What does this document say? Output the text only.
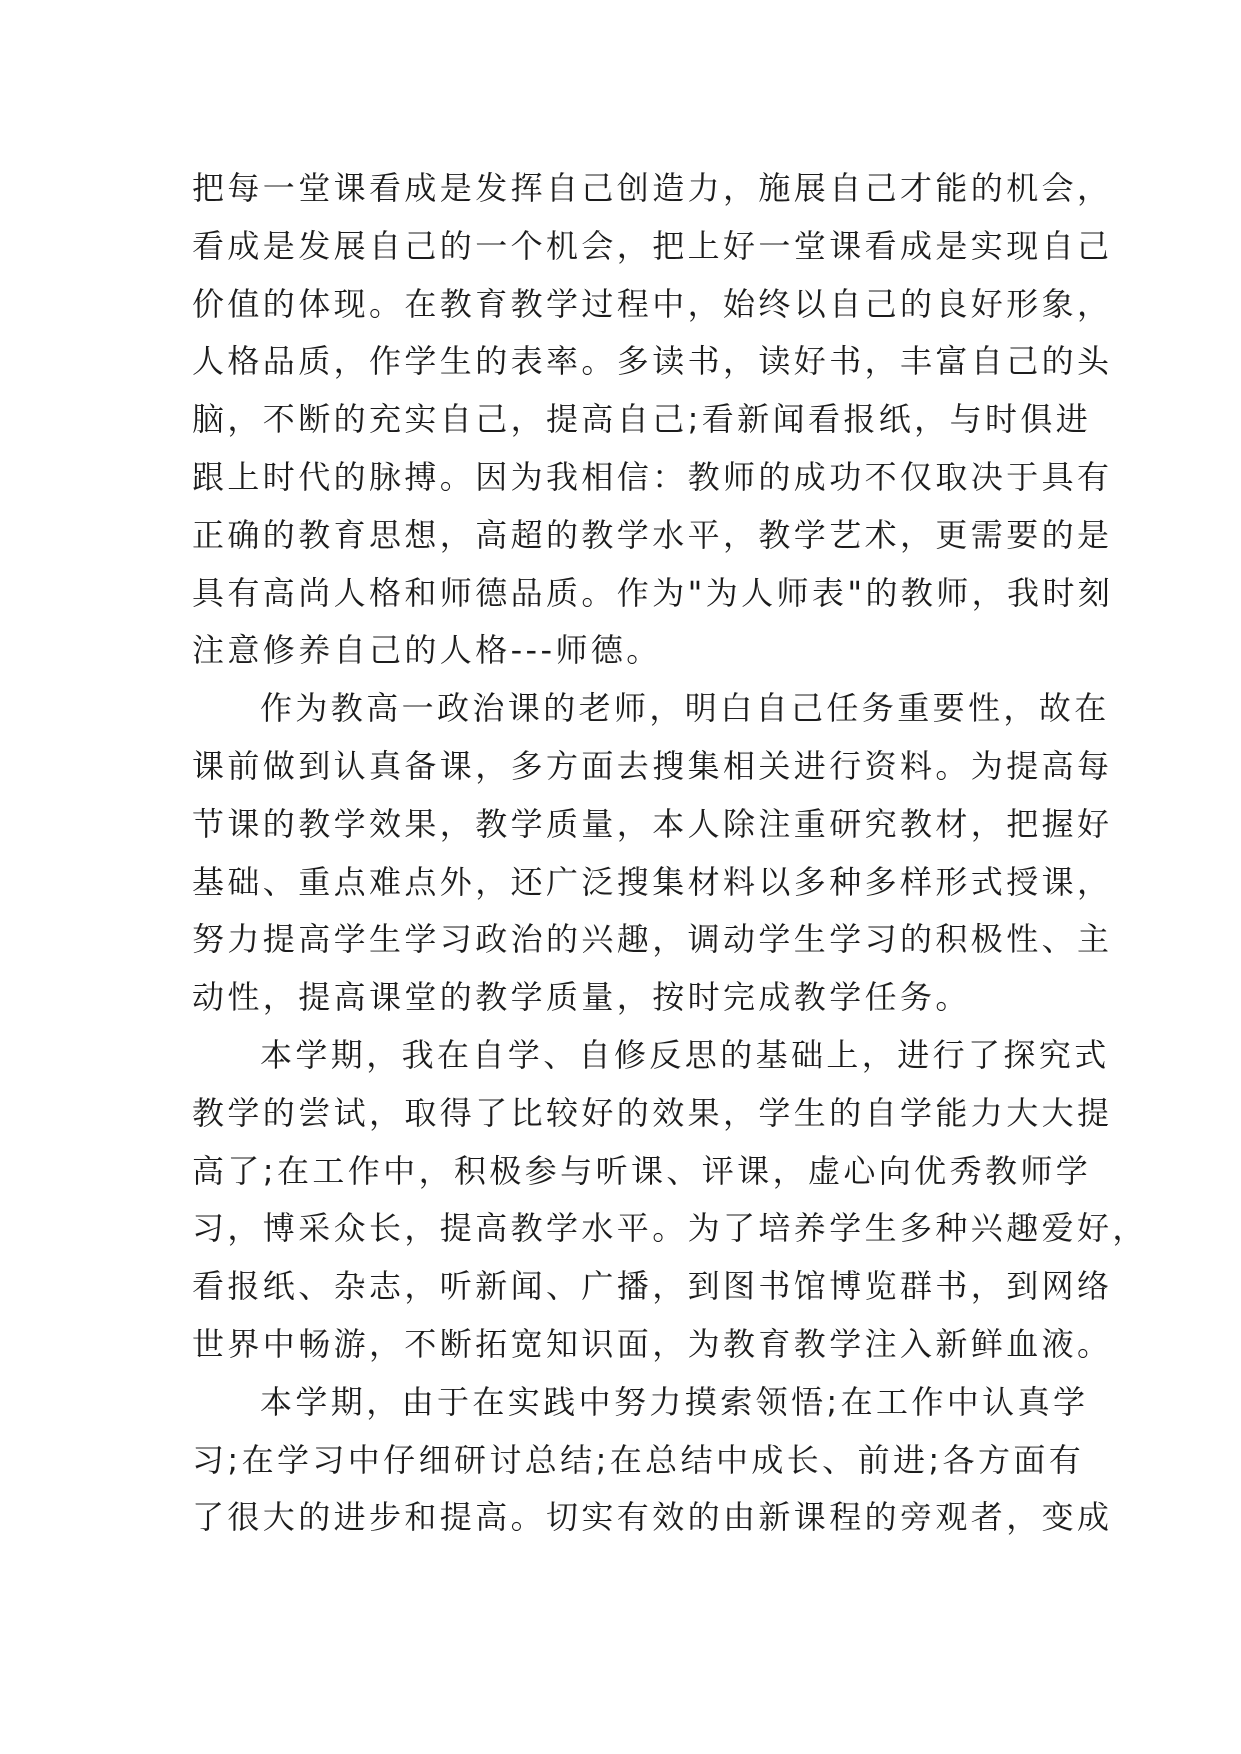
把每一堂课看成是发挥自己创造力，施展自己才能的机会，
看成是发展自己的一个机会，把上好一堂课看成是实现自己
价值的体现。在教育教学过程中，始终以自己的良好形象，
人格品质，作学生的表率。多读书，读好书，丰富自己的头
脑，不断的充实自己，提高自己;看新闻看报纸，与时俱进
跟上时代的脉搏。因为我相信：教师的成功不仅取决于具有
正确的教育思想，高超的教学水平，教学艺术，更需要的是
具有高尚人格和师德品质。作为"为人师表"的教师，我时刻
注意修养自己的人格---师德。
作为教高一政治课的老师，明白自己任务重要性，故在
课前做到认真备课，多方面去搜集相关进行资料。为提高每
节课的教学效果，教学质量，本人除注重研究教材，把握好
基础、重点难点外，还广泛搜集材料以多种多样形式授课，
努力提高学生学习政治的兴趣，调动学生学习的积极性、主
动性，提高课堂的教学质量，按时完成教学任务。
本学期，我在自学、自修反思的基础上，进行了探究式
教学的尝试，取得了比较好的效果，学生的自学能力大大提
高了;在工作中，积极参与听课、评课，虚心向优秀教师学
习，博采众长，提高教学水平。为了培养学生多种兴趣爱好，
看报纸、杂志，听新闻、广播，到图书馆博览群书，到网络
世界中畅游，不断拓宽知识面，为教育教学注入新鲜血液。
本学期，由于在实践中努力摸索领悟;在工作中认真学
习;在学习中仔细研讨总结;在总结中成长、前进;各方面有
了很大的进步和提高。切实有效的由新课程的旁观者，变成
